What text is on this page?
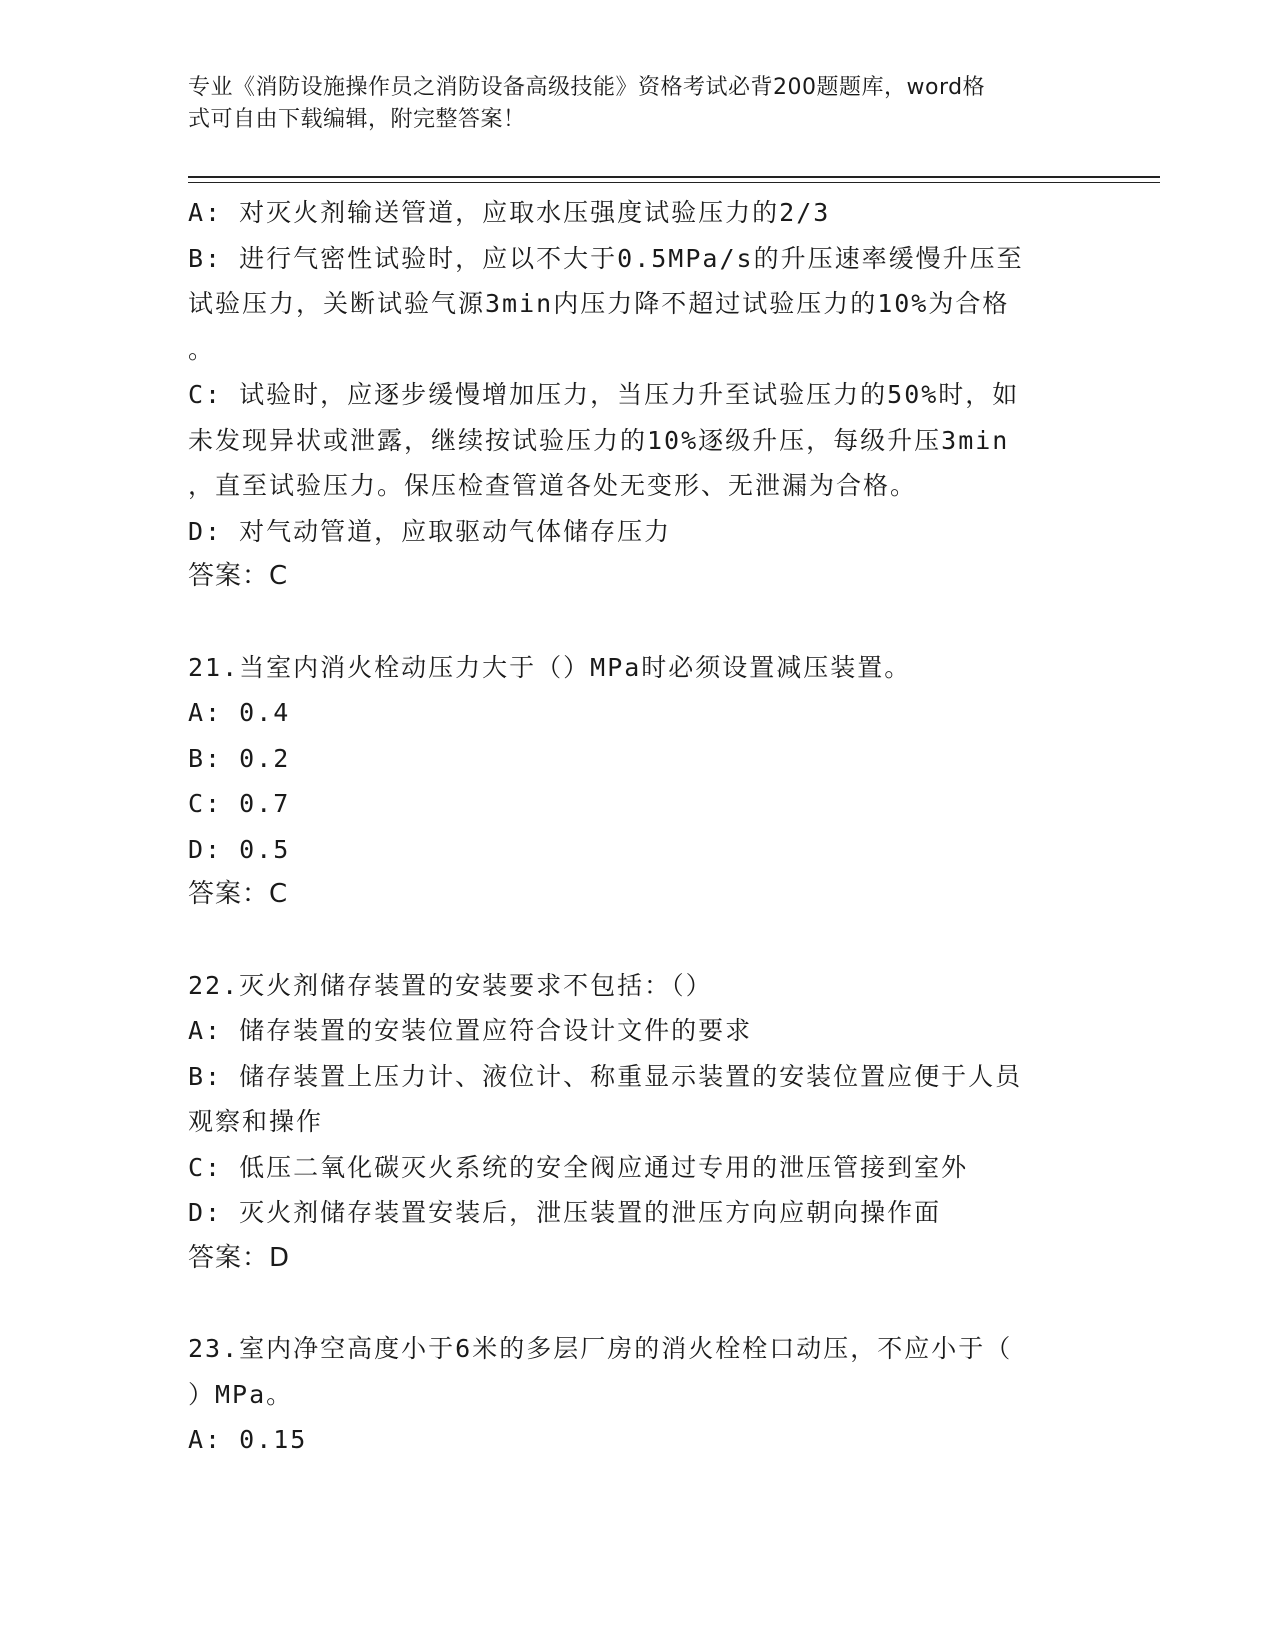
专业《消防设施操作员之消防设备高级技能》资格考试必背200题题库，word格
式可自由下载编辑，附完整答案！
A: 对灭火剂输送管道，应取水压强度试验压力的2/3
B: 进行气密性试验时，应以不大于0.5MPa/s的升压速率缓慢升压至
试验压力，关断试验气源3min内压力降不超过试验压力的10%为合格
。
C: 试验时，应逐步缓慢增加压力，当压力升至试验压力的50%时，如
未发现异状或泄露，继续按试验压力的10%逐级升压，每级升压3min
，直至试验压力。保压检查管道各处无变形、无泄漏为合格。
D: 对气动管道，应取驱动气体储存压力
答案：C
21.当室内消火栓动压力大于（）MPa时必须设置减压装置。
A: 0.4
B: 0.2
C: 0.7
D: 0.5
答案：C
22.灭火剂储存装置的安装要求不包括：（）
A: 储存装置的安装位置应符合设计文件的要求
B: 储存装置上压力计、液位计、称重显示装置的安装位置应便于人员
观察和操作
C: 低压二氧化碳灭火系统的安全阀应通过专用的泄压管接到室外
D: 灭火剂储存装置安装后，泄压装置的泄压方向应朝向操作面
答案：D
23.室内净空高度小于6米的多层厂房的消火栓栓口动压，不应小于（
）MPa。
A: 0.15
